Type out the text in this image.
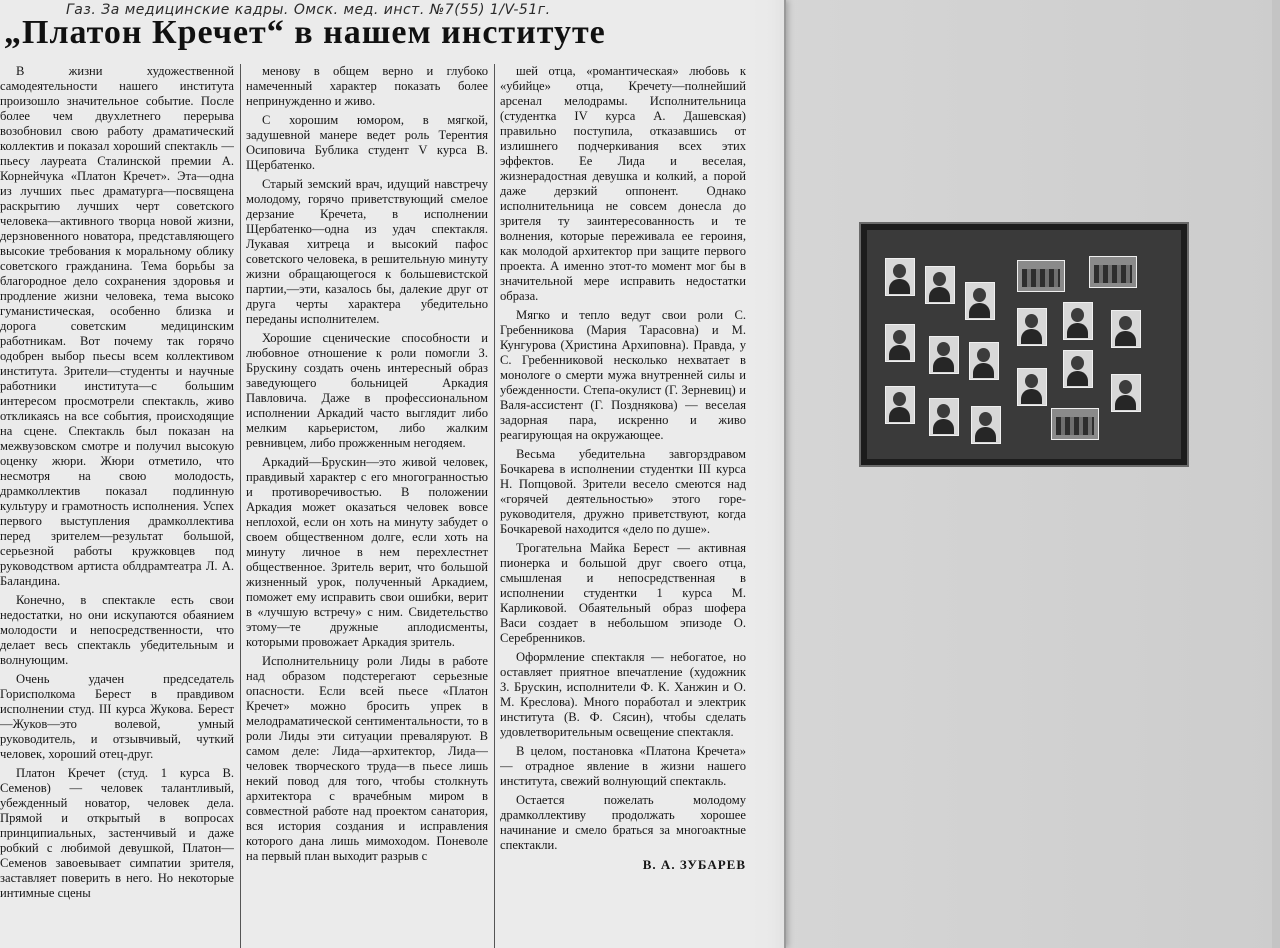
Газ. За медицинские кадры. Омск. мед. инст. №7(55) 1/V-51г.
„Платон Кречет“ в нашем институте

В жизни художественной самодеятельности нашего института произошло значительное событие. После более чем двухлетнего перерыва возобновил свою работу драматический коллектив и показал хороший спектакль — пьесу лауреата Сталинской премии А. Корнейчука «Платон Кречет». Эта—одна из лучших пьес драматурга—посвящена раскрытию лучших черт советского человека—активного творца новой жизни, дерзновенного новатора, представляющего высокие требования к моральному облику советского гражданина. Тема борьбы за благородное дело сохранения здоровья и продление жизни человека, тема высоко гуманистическая, особенно близка и дорога советским медицинским работникам. Вот почему так горячо одобрен выбор пьесы всем коллективом института. Зрители—студенты и научные работники института—с большим интересом просмотрели спектакль, живо откликаясь на все события, происходящие на сцене. Спектакль был показан на межвузовском смотре и получил высокую оценку жюри. Жюри отметило, что несмотря на свою молодость, драмколлектив показал подлинную культуру и грамотность исполнения. Успех первого выступления драмколлектива перед зрителем—результат большой, серьезной работы кружковцев под руководством артиста облдрамтеатра Л. А. Баландина.

Конечно, в спектакле есть свои недостатки, но они искупаются обаянием молодости и непосредственности, что делает весь спектакль убедительным и волнующим.

Очень удачен председатель Горисполкома Берест в правдивом исполнении студ. III курса Жукова. Берест—Жуков—это волевой, умный руководитель, и отзывчивый, чуткий человек, хороший отец-друг.

Платон Кречет (студ. 1 курса В. Семенов) — человек талантливый, убежденный новатор, человек дела. Прямой и открытый в вопросах принципиальных, застенчивый и даже робкий с любимой девушкой, Платон—Семенов завоевывает симпатии зрителя, заставляет поверить в него. Но некоторые интимные сцены

менову в общем верно и глубоко намеченный характер показать более непринужденно и живо.

С хорошим юмором, в мягкой, задушевной манере ведет роль Терентия Осиповича Бублика студент V курса В. Щербатенко.

Старый земский врач, идущий навстречу молодому, горячо приветствующий смелое дерзание Кречета, в исполнении Щербатенко—одна из удач спектакля. Лукавая хитреца и высокий пафос советского человека, в решительную минуту жизни обращающегося к большевистской партии,—эти, казалось бы, далекие друг от друга черты характера убедительно переданы исполнителем.

Хорошие сценические способности и любовное отношение к роли помогли З. Брускину создать очень интересный образ заведующего больницей Аркадия Павловича. Даже в профессиональном исполнении Аркадий часто выглядит либо мелким карьеристом, либо жалким ревнивцем, либо прожженным негодяем.

Аркадий—Брускин—это живой человек, правдивый характер с его многогранностью и противоречивостью. В положении Аркадия может оказаться человек вовсе неплохой, если он хоть на минуту забудет о своем общественном долге, если хоть на минуту личное в нем перехлестнет общественное. Зритель верит, что большой жизненный урок, полученный Аркадием, поможет ему исправить свои ошибки, верит в «лучшую встречу» с ним. Свидетельство этому—те дружные аплодисменты, которыми провожает Аркадия зритель.

Исполнительницу роли Лиды в работе над образом подстерегают серьезные опасности. Если всей пьесе «Платон Кречет» можно бросить упрек в мелодраматической сентиментальности, то в роли Лиды эти ситуации преваляруют. В самом деле: Лида—архитектор, Лида—человек творческого труда—в пьесе лишь некий повод для того, чтобы столкнуть архитектора с врачебным миром в совместной работе над проектом санатория, вся история создания и исправления которого дана лишь мимоходом. Поневоле на первый план выходит разрыв с

шей отца, «романтическая» любовь к «убийце» отца, Кречету—полнейший арсенал мелодрамы. Исполнительница (студентка IV курса А. Дашевская) правильно поступила, отказавшись от излишнего подчеркивания всех этих эффектов. Ее Лида и веселая, жизнерадостная девушка и колкий, а порой даже дерзкий оппонент. Однако исполнительница не совсем донесла до зрителя ту заинтересованность и те волнения, которые переживала ее героиня, как молодой архитектор при защите первого проекта. А именно этот-то момент мог бы в значительной мере исправить недостатки образа.

Мягко и тепло ведут свои роли С. Гребенникова (Мария Тарасовна) и М. Кунгурова (Христина Архиповна). Правда, у С. Гребенниковой несколько нехватает в монологе о смерти мужа внутренней силы и убежденности. Степа-окулист (Г. Зерневиц) и Валя-ассистент (Г. Позднякова) — веселая задорная пара, искренно и живо реагирующая на окружающее.

Весьма убедительна завгорздравом Бочкарева в исполнении студентки III курса Н. Попцовой. Зрители весело смеются над «горячей деятельностью» этого горе-руководителя, дружно приветствуют, когда Бочкаревой находится «дело по душе».

Трогательна Майка Берест — активная пионерка и большой друг своего отца, смышленая и непосредственная в исполнении студентки 1 курса М. Карликовой. Обаятельный образ шофера Васи создает в небольшом эпизоде О. Серебренников.

Оформление спектакля — небогатое, но оставляет приятное впечатление (художник З. Брускин, исполнители Ф. К. Ханжин и О. М. Креслова). Много поработал и электрик института (В. Ф. Сясин), чтобы сделать удовлетворительным освещение спектакля.

В целом, постановка «Платона Кречета» — отрадное явление в жизни нашего института, свежий волнующий спектакль.

Остается пожелать молодому драмколлективу продолжать хорошее начинание и смело браться за многоактные спектакли.

В. А. ЗУБАРЕВ
